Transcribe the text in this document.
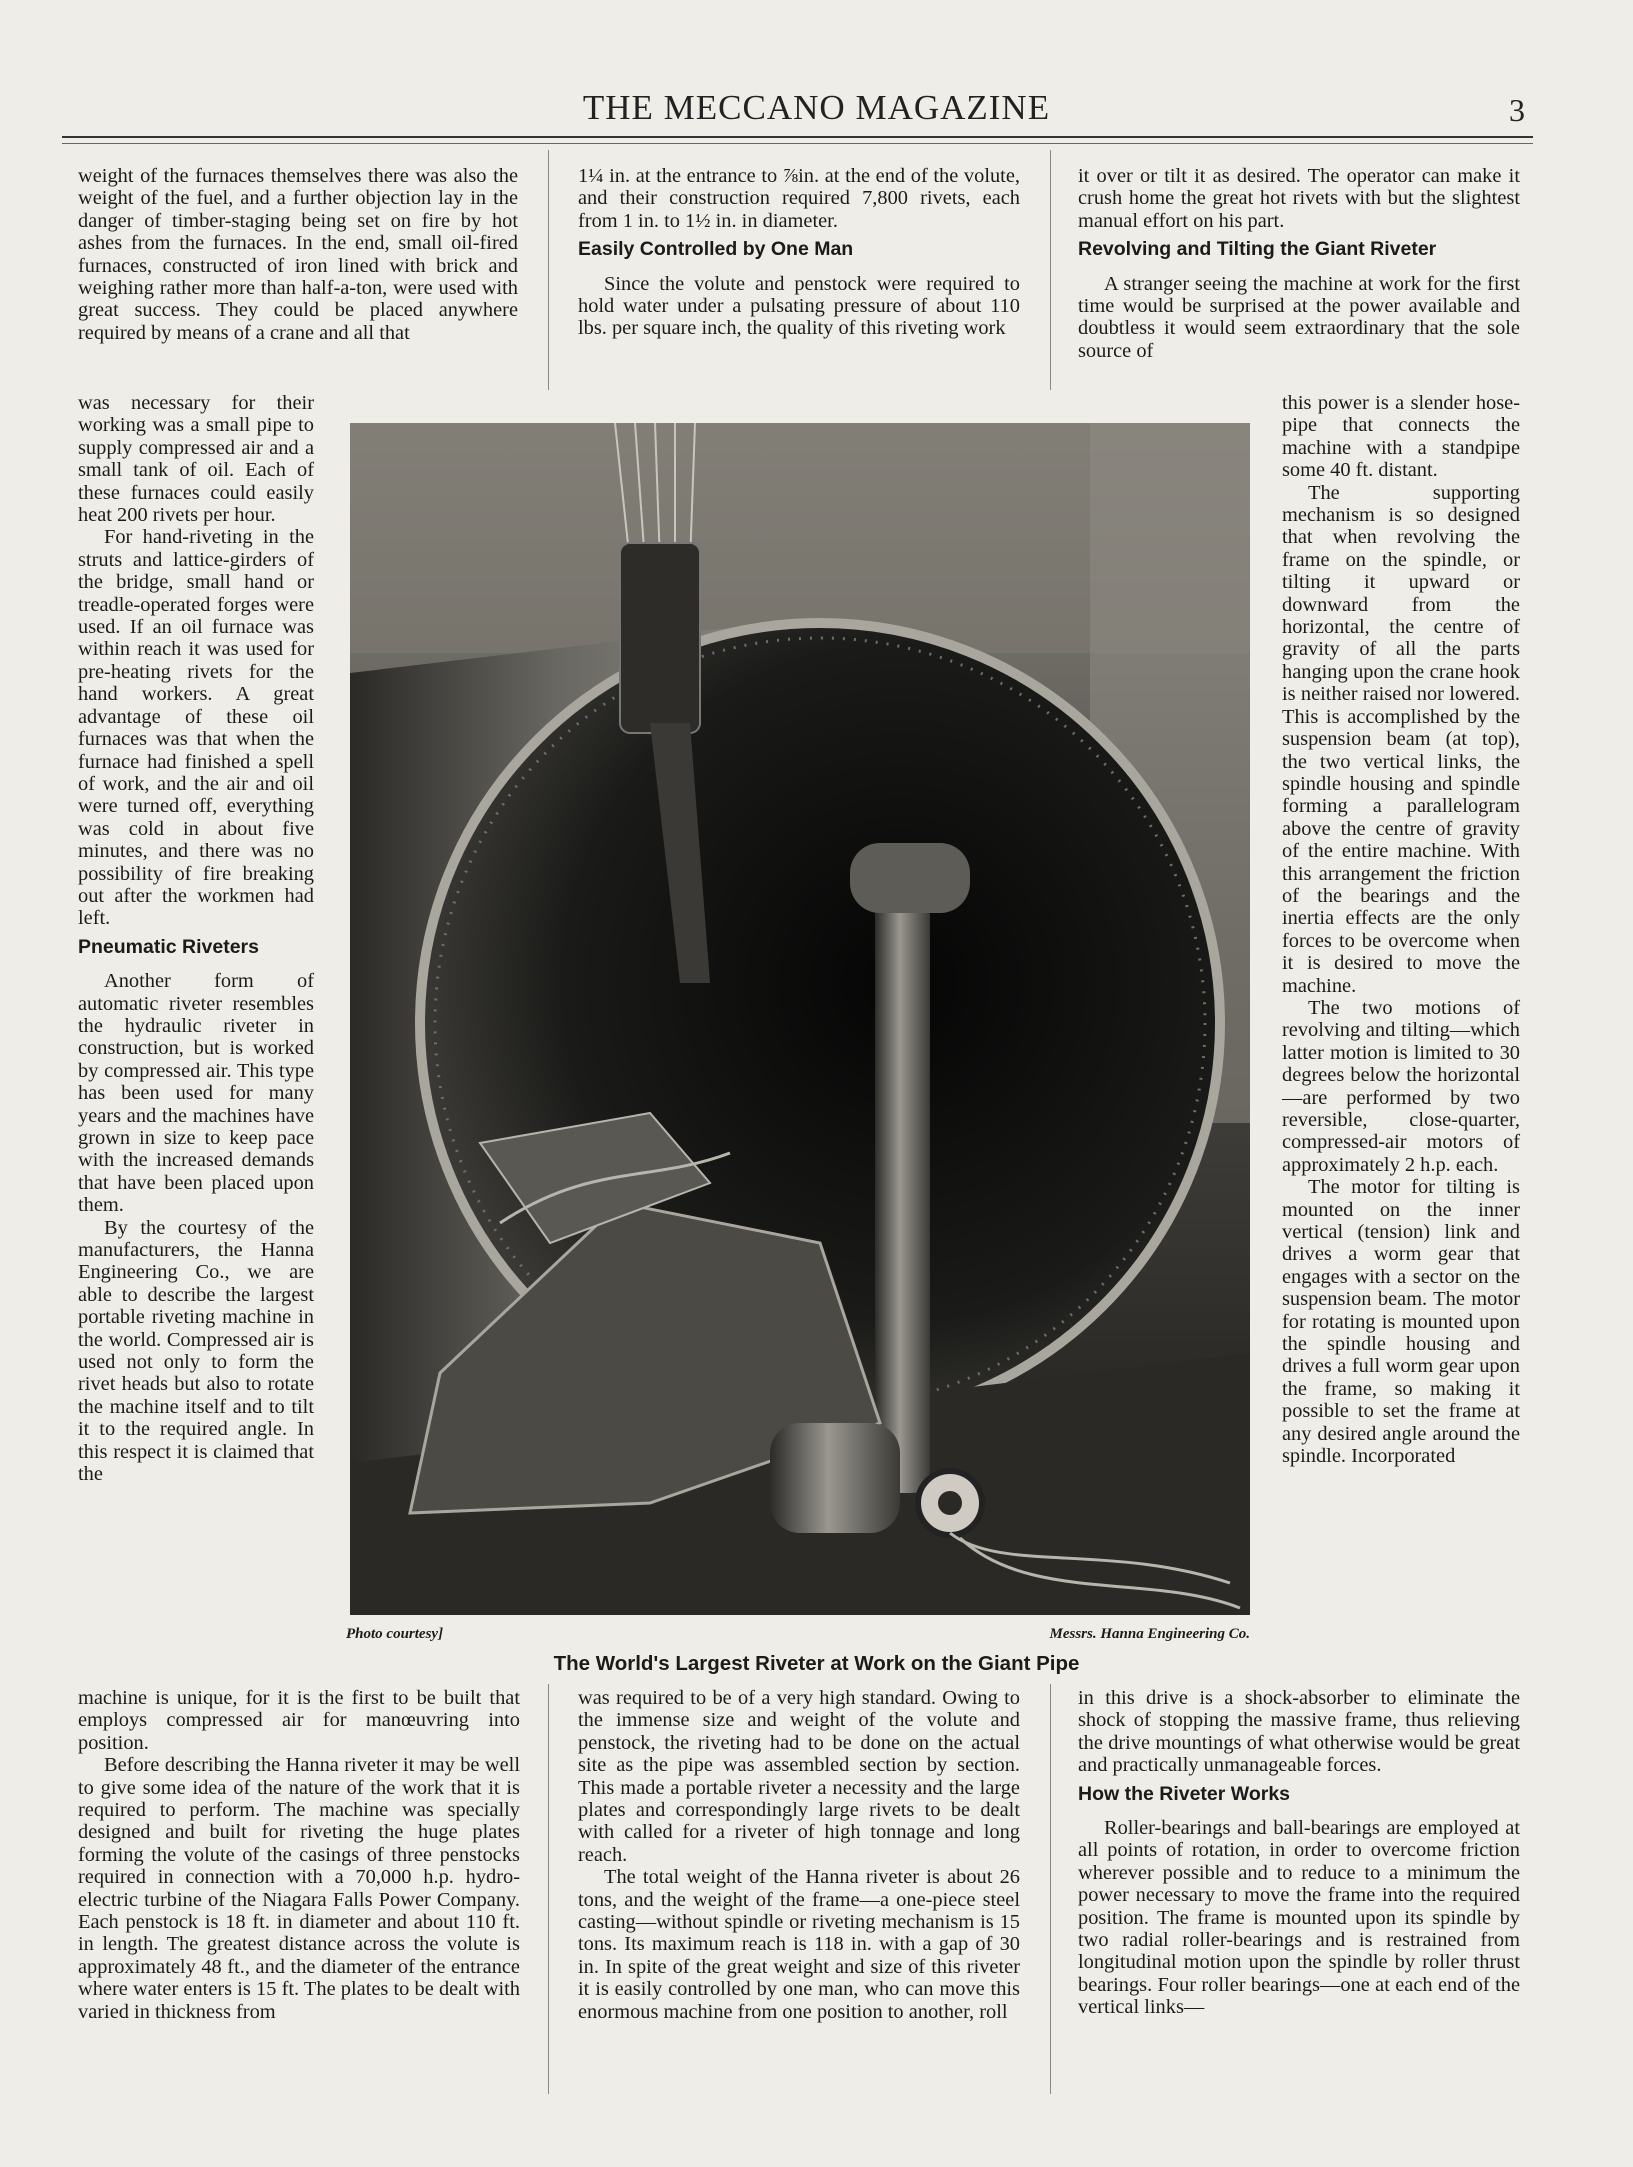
THE MECCANO MAGAZINE	3

weight of the furnaces themselves there was also the weight of the fuel, and a further objection lay in the danger of timber-staging being set on fire by hot ashes from the furnaces. In the end, small oil-fired furnaces, constructed of iron lined with brick and weighing rather more than half-a-ton, were used with great success. They could be placed anywhere required by means of a crane and all that

was necessary for their working was a small pipe to supply compressed air and a small tank of oil. Each of these furnaces could easily heat 200 rivets per hour.

For hand-riveting in the struts and lattice-girders of the bridge, small hand or treadle-operated forges were used. If an oil furnace was within reach it was used for pre-heating rivets for the hand workers. A great advantage of these oil furnaces was that when the furnace had finished a spell of work, and the air and oil were turned off, everything was cold in about five minutes, and there was no possibility of fire breaking out after the workmen had left.

Pneumatic Riveters

Another form of automatic riveter resembles the hydraulic riveter in construction, but is worked by compressed air. This type has been used for many years and the machines have grown in size to keep pace with the increased demands that have been placed upon them.

By the courtesy of the manufacturers, the Hanna Engineering Co., we are able to describe the largest portable riveting machine in the world. Compressed air is used not only to form the rivet heads but also to rotate the machine itself and to tilt it to the required angle. In this respect it is claimed that the

machine is unique, for it is the first to be built that employs compressed air for manœuvring into position.

Before describing the Hanna riveter it may be well to give some idea of the nature of the work that it is required to perform. The machine was specially designed and built for riveting the huge plates forming the volute of the casings of three penstocks required in connection with a 70,000 h.p. hydro-electric turbine of the Niagara Falls Power Company. Each penstock is 18 ft. in diameter and about 110 ft. in length. The greatest distance across the volute is approximately 48 ft., and the diameter of the entrance where water enters is 15 ft. The plates to be dealt with varied in thickness from

1¼ in. at the entrance to ⅞in. at the end of the volute, and their construction required 7,800 rivets, each from 1 in. to 1½ in. in diameter.

Easily Controlled by One Man

Since the volute and penstock were required to hold water under a pulsating pressure of about 110 lbs. per square inch, the quality of this riveting work

was required to be of a very high standard. Owing to the immense size and weight of the volute and penstock, the riveting had to be done on the actual site as the pipe was assembled section by section. This made a portable riveter a necessity and the large plates and correspondingly large rivets to be dealt with called for a riveter of high tonnage and long reach.

The total weight of the Hanna riveter is about 26 tons, and the weight of the frame—a one-piece steel casting—without spindle or riveting mechanism is 15 tons. Its maximum reach is 118 in. with a gap of 30 in. In spite of the great weight and size of this riveter it is easily controlled by one man, who can move this enormous machine from one position to another, roll

it over or tilt it as desired. The operator can make it crush home the great hot rivets with but the slightest manual effort on his part.

Revolving and Tilting the Giant Riveter

A stranger seeing the machine at work for the first time would be surprised at the power available and doubtless it would seem extraordinary that the sole source of

this power is a slender hose-pipe that connects the machine with a standpipe some 40 ft. distant.

The supporting mechanism is so designed that when revolving the frame on the spindle, or tilting it upward or downward from the horizontal, the centre of gravity of all the parts hanging upon the crane hook is neither raised nor lowered. This is accomplished by the suspension beam (at top), the two vertical links, the spindle housing and spindle forming a parallelogram above the centre of gravity of the entire machine. With this arrangement the friction of the bearings and the inertia effects are the only forces to be overcome when it is desired to move the machine.

The two motions of revolving and tilting—which latter motion is limited to 30 degrees below the horizontal—are performed by two reversible, close-quarter, compressed-air motors of approximately 2 h.p. each.

The motor for tilting is mounted on the inner vertical (tension) link and drives a worm gear that engages with a sector on the suspension beam. The motor for rotating is mounted upon the spindle housing and drives a full worm gear upon the frame, so making it possible to set the frame at any desired angle around the spindle. Incorporated

in this drive is a shock-absorber to eliminate the shock of stopping the massive frame, thus relieving the drive mountings of what otherwise would be great and practically unmanageable forces.

How the Riveter Works

Roller-bearings and ball-bearings are employed at all points of rotation, in order to overcome friction wherever possible and to reduce to a minimum the power necessary to move the frame into the required position. The frame is mounted upon its spindle by two radial roller-bearings and is restrained from longitudinal motion upon the spindle by roller thrust bearings. Four roller bearings—one at each end of the vertical links—

Photo courtesy]	Messrs. Hanna Engineering Co.
The World's Largest Riveter at Work on the Giant Pipe
